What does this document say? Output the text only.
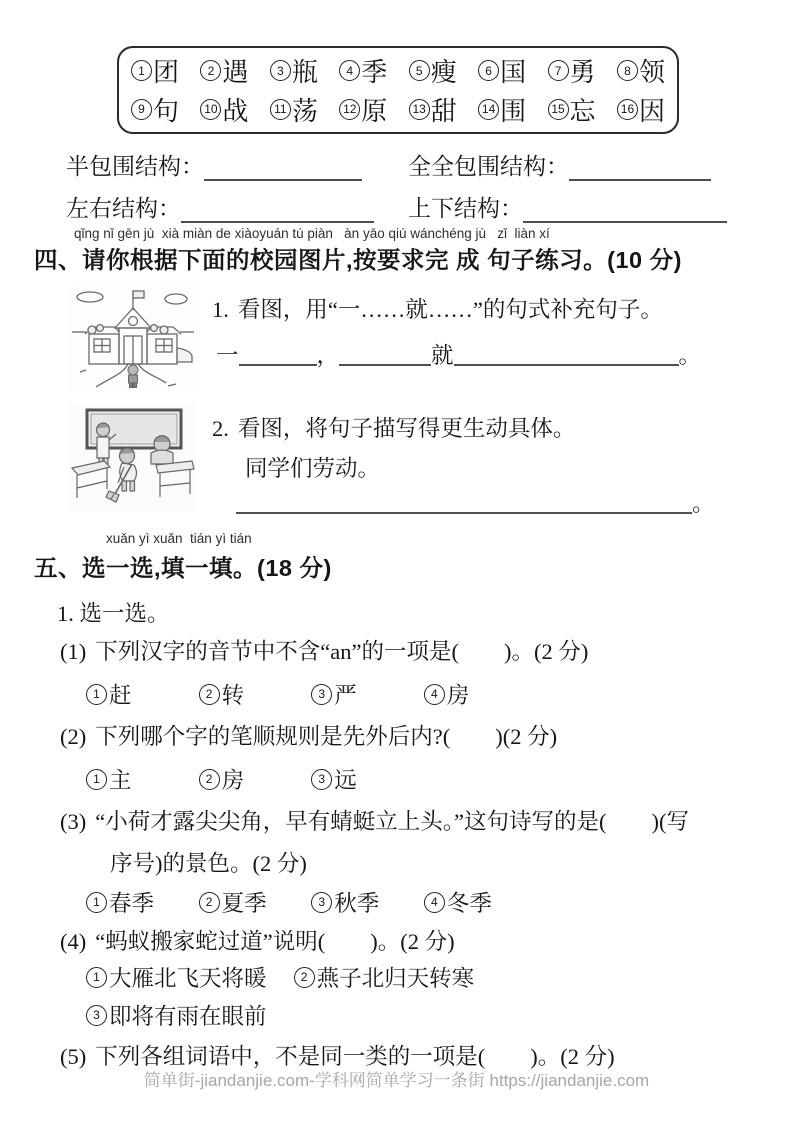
1 团	2 遇	3 瓶	4 季	5 瘦	6 国	7 勇	8 领
9 句	10 战	11 荡	12 原	13 甜	14 围	15 忘	16 因
半包围结构：	全全包围结构：
左右结构：	上下结构：
qǐng nǐ gēn jù  xià miàn de xiàoyuán tú piàn   àn yāo qiú wánchéng jù   zǐ  liàn xí
四、请你根据下面的校园图片,按要求完 成 句子练习。(10 分)
1. 看图，用“一……就……”的句式补充句子。
一	，	就	。
2. 看图，将句子描写得更生动具体。
同学们劳动。
。
xuǎn yì xuǎn  tián yì tián
五、选一选,填一填。(18 分)
1. 选一选。
(1) 下列汉字的音节中不含“an”的一项是(　　)。(2 分)
1 赶
	2 转
	3 严
	4 房
(2) 下列哪个字的笔顺规则是先外后内?(　　)(2 分)
1 主
	2 房
	3 远
(3) “小荷才露尖尖角，早有蜻蜓立上头。”这句诗写的是(　　)(写
序号)的景色。(2 分)
1 春季
	2 夏季
	3 秋季
	4 冬季
(4) “蚂蚁搬家蛇过道”说明(　　)。(2 分)
1 大雁北飞天将暖
	2 燕子北归天转寒
3 即将有雨在眼前
(5) 下列各组词语中，不是同一类的一项是(　　)。(2 分)
简单街-jiandanjie.com-学科网简单学习一条街 https://jiandanjie.com
